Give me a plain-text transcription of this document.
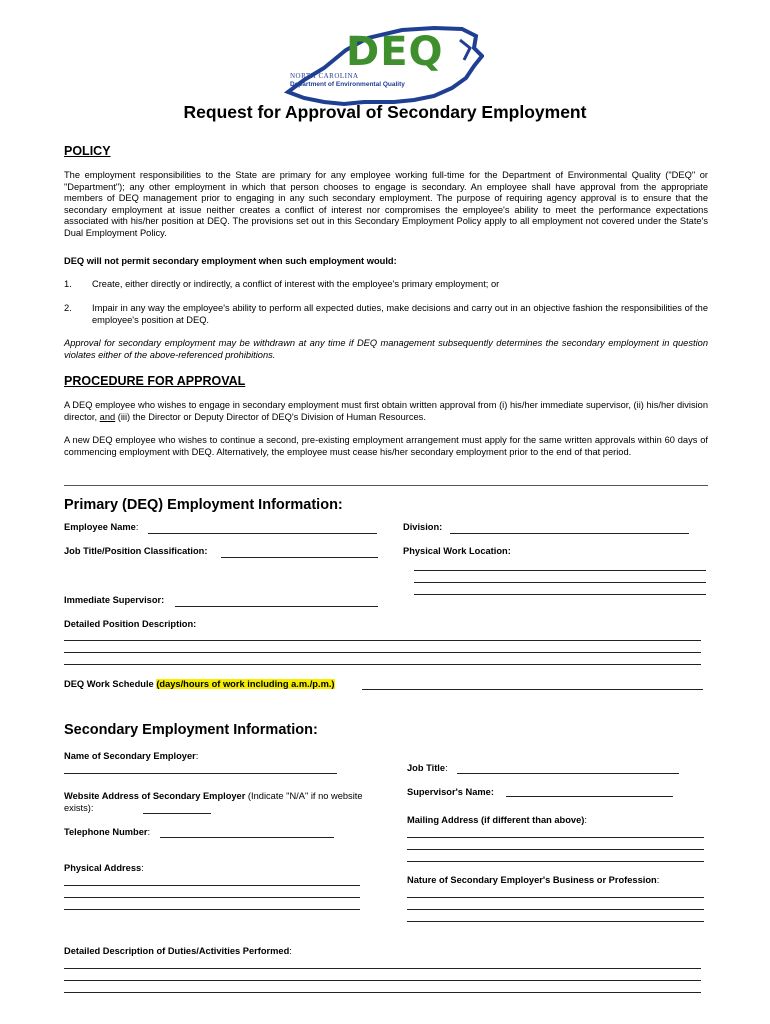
DEQ
NORTH CAROLINA
Department of Environmental Quality
Request for Approval of Secondary Employment
POLICY
The employment responsibilities to the State are primary for any employee working full-time for the Department of Environmental Quality ("DEQ" or "Department"); any other employment in which that person chooses to engage is secondary. An employee shall have approval from the appropriate members of DEQ management prior to engaging in any such secondary employment. The purpose of requiring agency approval is to ensure that the secondary employment at issue neither creates a conflict of interest nor compromises the employee's ability to meet the performance expectations associated with his/her position at DEQ. The provisions set out in this Secondary Employment Policy apply to all employment not covered under the State's Dual Employment Policy.
DEQ will not permit secondary employment when such employment would:
1. Create, either directly or indirectly, a conflict of interest with the employee's primary employment; or
2. Impair in any way the employee's ability to perform all expected duties, make decisions and carry out in an objective fashion the responsibilities of the employee's position at DEQ.
Approval for secondary employment may be withdrawn at any time if DEQ management subsequently determines the secondary employment in question violates either of the above-referenced prohibitions.
PROCEDURE FOR APPROVAL
A DEQ employee who wishes to engage in secondary employment must first obtain written approval from (i) his/her immediate supervisor, (ii) his/her division director, and (iii) the Director or Deputy Director of DEQ's Division of Human Resources.
A new DEQ employee who wishes to continue a second, pre-existing employment arrangement must apply for the same written approvals within 60 days of commencing employment with DEQ. Alternatively, the employee must cease his/her secondary employment prior to the end of that period.
Primary (DEQ) Employment Information:
Employee Name:	Division:
Job Title/Position Classification:	Physical Work Location:
Immediate Supervisor:
Detailed Position Description:
DEQ Work Schedule (days/hours of work including a.m./p.m.)
Secondary Employment Information:
Name of Secondary Employer:
Job Title:
Website Address of Secondary Employer (Indicate "N/A" if no website exists):
Supervisor's Name:
Mailing Address (if different than above):
Telephone Number:
Physical Address:
Nature of Secondary Employer's Business or Profession:
Detailed Description of Duties/Activities Performed:
